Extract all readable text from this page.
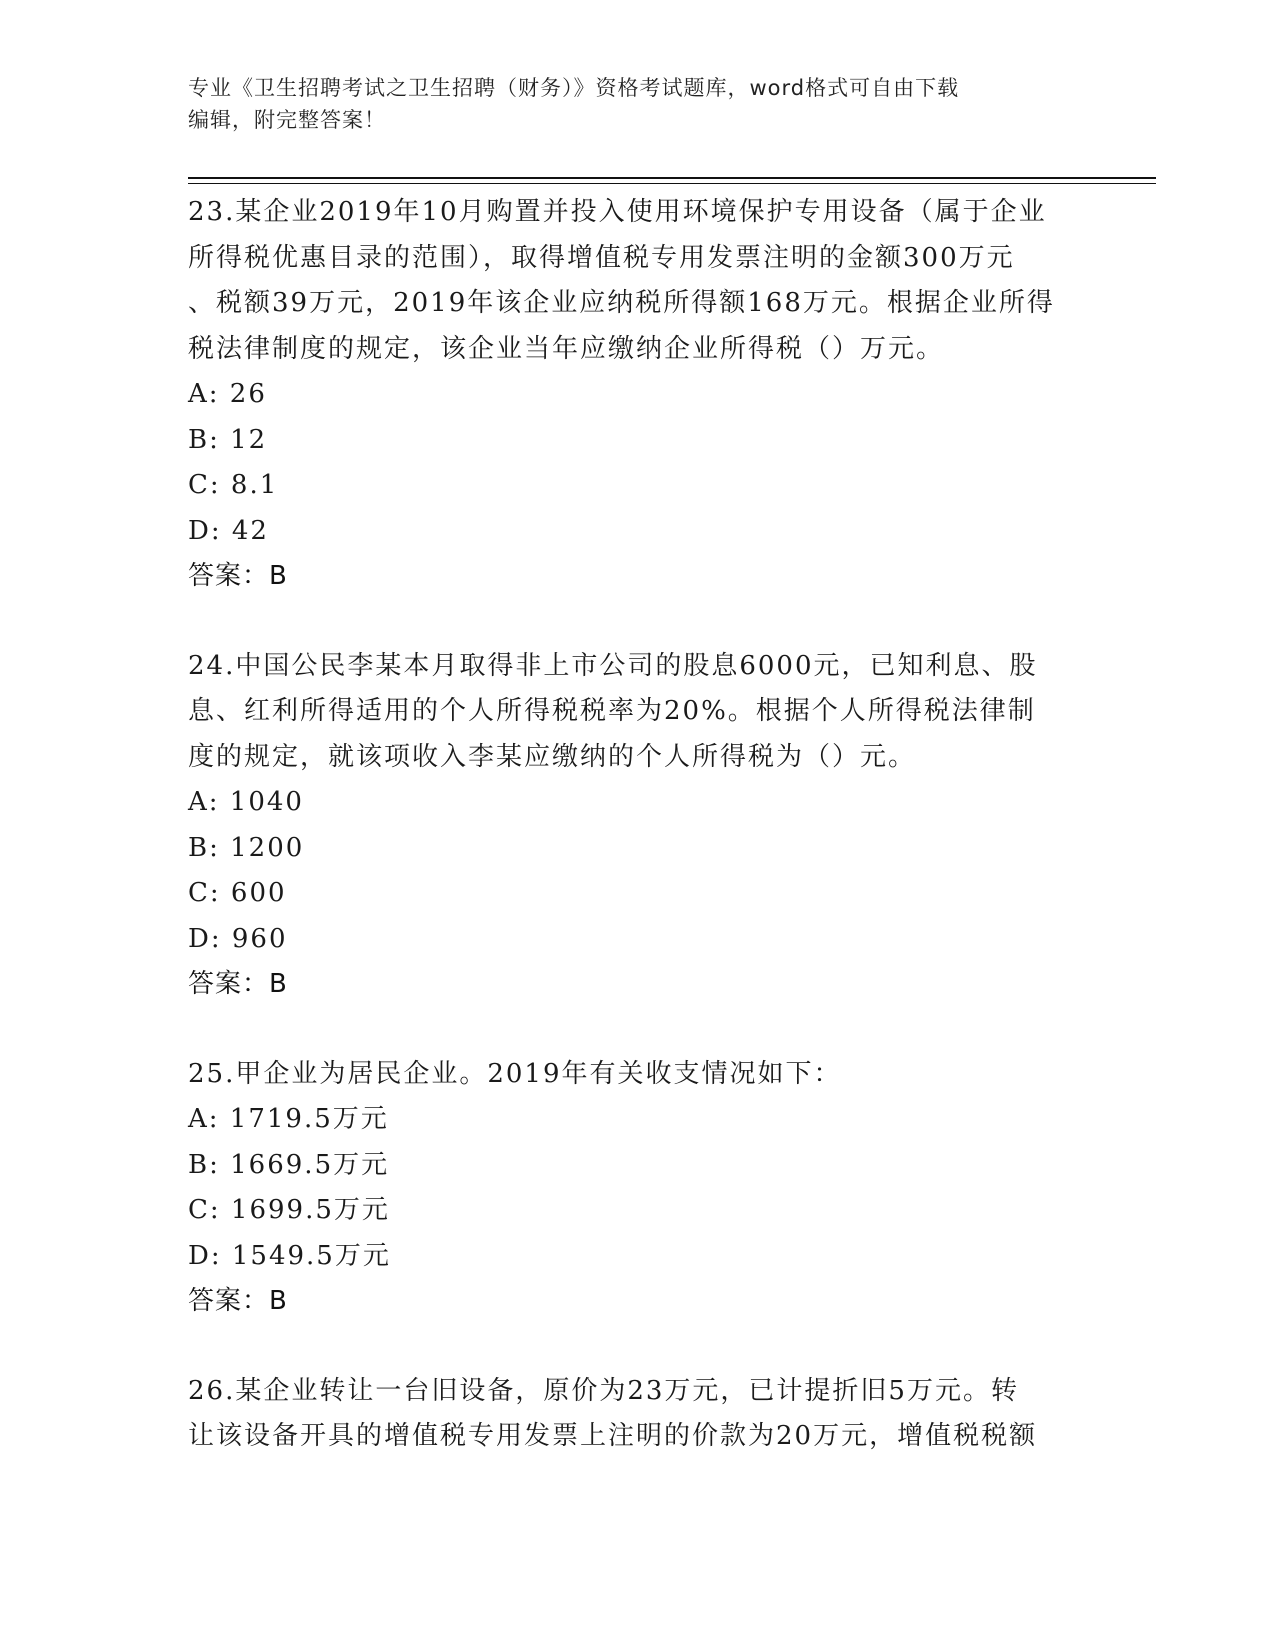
专业《卫生招聘考试之卫生招聘（财务）》资格考试题库，word格式可自由下载
编辑，附完整答案！
23.某企业2019年10月购置并投入使用环境保护专用设备（属于企业
所得税优惠目录的范围），取得增值税专用发票注明的金额300万元
、税额39万元，2019年该企业应纳税所得额168万元。根据企业所得
税法律制度的规定，该企业当年应缴纳企业所得税（）万元。
A: 26
B: 12
C: 8.1
D: 42
答案：B
24.中国公民李某本月取得非上市公司的股息6000元，已知利息、股
息、红利所得适用的个人所得税税率为20%。根据个人所得税法律制
度的规定，就该项收入李某应缴纳的个人所得税为（）元。
A: 1040
B: 1200
C: 600
D: 960
答案：B
25.甲企业为居民企业。2019年有关收支情况如下：
A: 1719.5万元
B: 1669.5万元
C: 1699.5万元
D: 1549.5万元
答案：B
26.某企业转让一台旧设备，原价为23万元，已计提折旧5万元。转
让该设备开具的增值税专用发票上注明的价款为20万元，增值税税额
